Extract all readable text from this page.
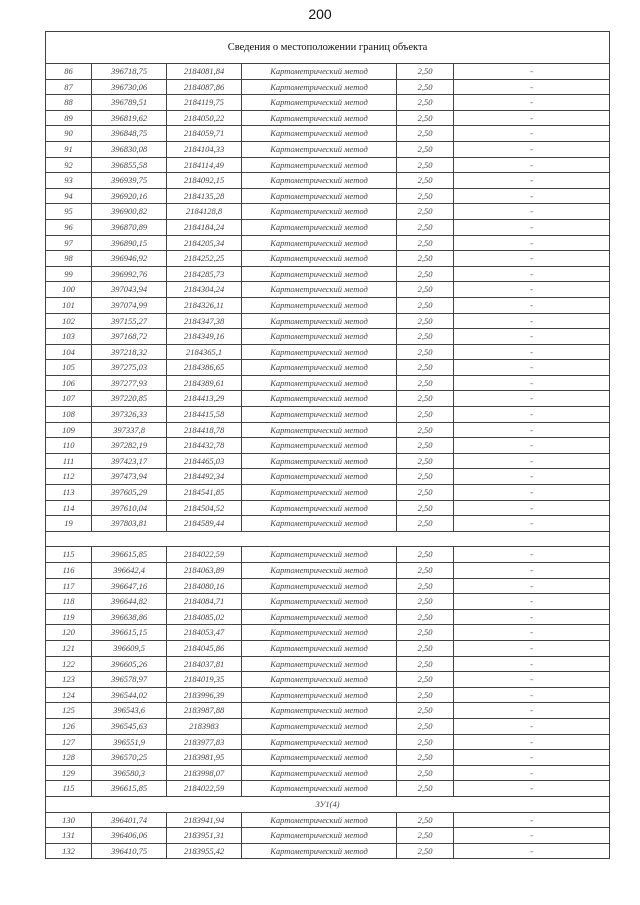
200
Сведения о местоположении границ объекта					
86	396718,75	2184081,84	Картометрический метод	2,50	-
87	396730,06	2184087,86	Картометрический метод	2,50	-
88	396789,51	2184119,75	Картометрический метод	2,50	-
89	396819,62	2184050,22	Картометрический метод	2,50	-
90	396848,75	2184059,71	Картометрический метод	2,50	-
91	396830,08	2184104,33	Картометрический метод	2,50	-
92	396855,58	2184114,49	Картометрический метод	2,50	-
93	396939,75	2184092,15	Картометрический метод	2,50	-
94	396920,16	2184135,28	Картометрический метод	2,50	-
95	396900,82	2184128,8	Картометрический метод	2,50	-
96	396870,89	2184184,24	Картометрический метод	2,50	-
97	396890,15	2184205,34	Картометрический метод	2,50	-
98	396946,92	2184252,25	Картометрический метод	2,50	-
99	396992,76	2184285,73	Картометрический метод	2,50	-
100	397043,94	2184304,24	Картометрический метод	2,50	-
101	397074,99	2184326,11	Картометрический метод	2,50	-
102	397155,27	2184347,38	Картометрический метод	2,50	-
103	397168,72	2184349,16	Картометрический метод	2,50	-
104	397218,32	2184365,1	Картометрический метод	2,50	-
105	397275,03	2184386,65	Картометрический метод	2,50	-
106	397277,93	2184389,61	Картометрический метод	2,50	-
107	397220,85	2184413,29	Картометрический метод	2,50	-
108	397326,33	2184415,58	Картометрический метод	2,50	-
109	397337,8	2184418,78	Картометрический метод	2,50	-
110	397282,19	2184432,78	Картометрический метод	2,50	-
111	397423,17	2184465,03	Картометрический метод	2,50	-
112	397473,94	2184492,34	Картометрический метод	2,50	-
113	397605,29	2184541,85	Картометрический метод	2,50	-
114	397610,04	2184504,52	Картометрический метод	2,50	-
19	397803,81	2184589,44	Картометрический метод	2,50	-

115	396615,85	2184022,59	Картометрический метод	2,50	-
116	396642,4	2184063,89	Картометрический метод	2,50	-
117	396647,16	2184080,16	Картометрический метод	2,50	-
118	396644,82	2184084,71	Картометрический метод	2,50	-
119	396638,86	2184085,02	Картометрический метод	2,50	-
120	396615,15	2184053,47	Картометрический метод	2,50	-
121	396609,5	2184045,86	Картометрический метод	2,50	-
122	396605,26	2184037,81	Картометрический метод	2,50	-
123	396578,97	2184019,35	Картометрический метод	2,50	-
124	396544,02	2183996,39	Картометрический метод	2,50	-
125	396543,6	2183987,88	Картометрический метод	2,50	-
126	396545,63	2183983	Картометрический метод	2,50	-
127	396551,9	2183977,83	Картометрический метод	2,50	-
128	396570,25	2183981,95	Картометрический метод	2,50	-
129	396580,3	2183998,07	Картометрический метод	2,50	-
115	396615,85	2184022,59	Картометрический метод	2,50	-
ЗУ1(4)					
130	396401,74	2183941,94	Картометрический метод	2,50	-
131	396406,06	2183951,31	Картометрический метод	2,50	-
132	396410,75	2183955,42	Картометрический метод	2,50	-
